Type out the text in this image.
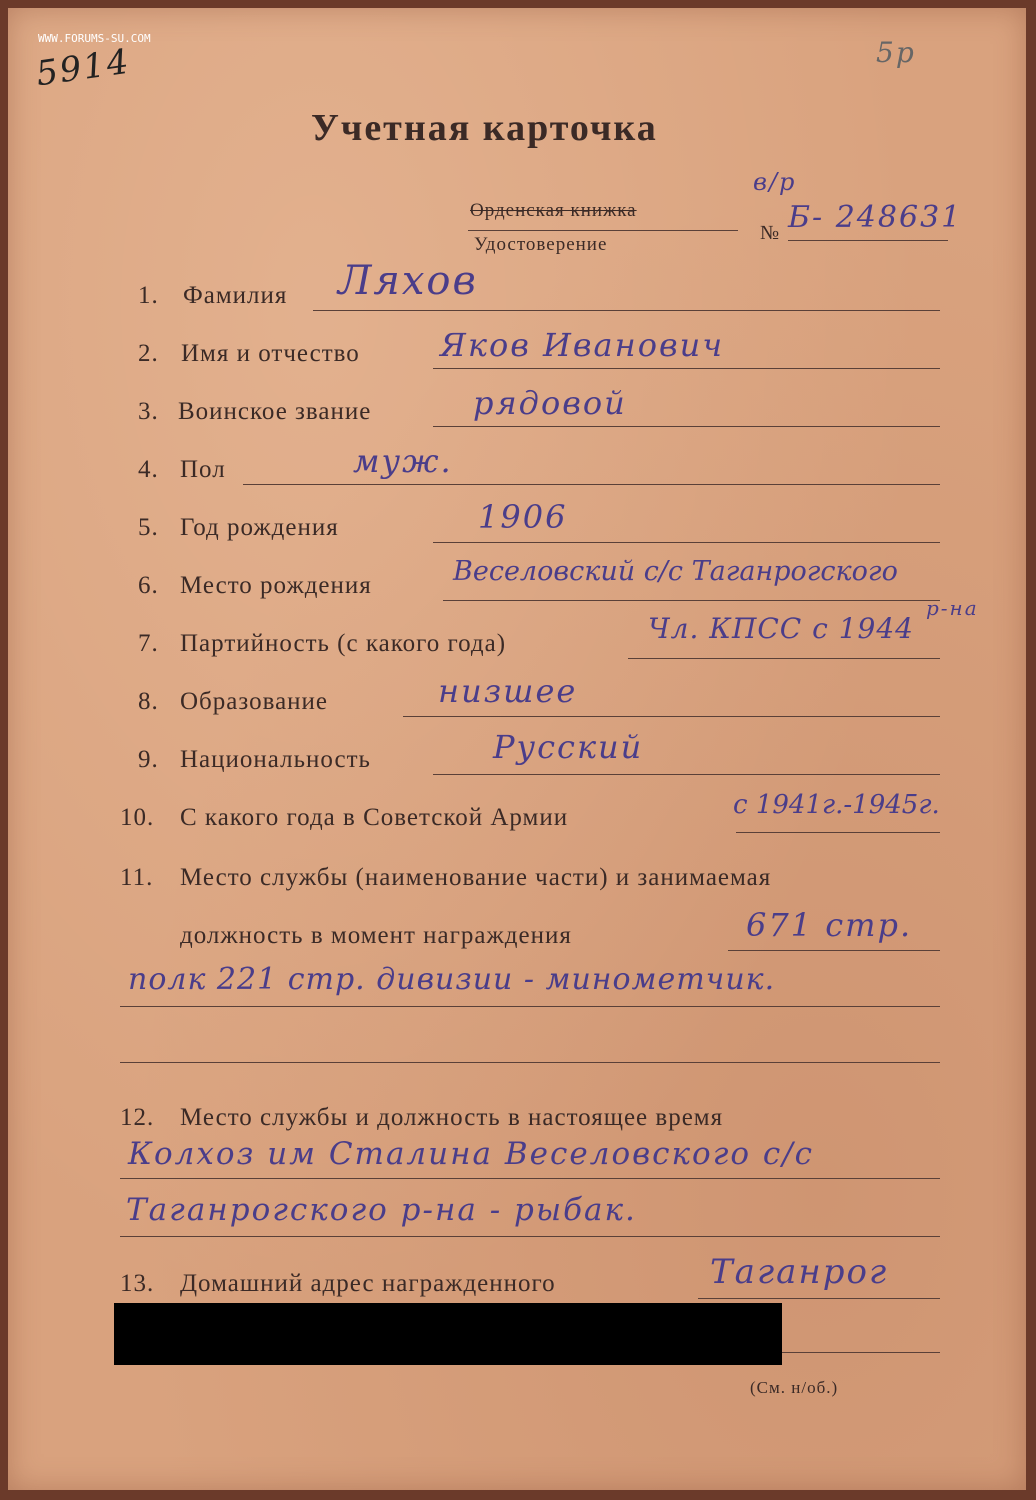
WWW.FORUMS-SU.COM
5914	5р
Учетная карточка
Орденская книжка
Удостоверение
№
в/р
Б- 248631
1. Фамилия Ляхов
2. Имя и отчество	Яков Иванович
3. Воинское звание	рядовой
4. Пол	муж.
5. Год рождения	1906
6. Место рождения	Веселовский с/с Таганрогского
р-на
7. Партийность (с какого года)	Чл. КПСС с 1944
8. Образование	низшее
9. Национальность	Русский
10. С какого года в Советской Армии	с 1941г.-1945г.
11. Место службы (наименование части) и занимаемая
должность в момент награждения	671 стр.
полк 221 стр. дивизии - минометчик.
12. Место службы и должность в настоящее время
Колхоз им Сталина Веселовского с/с
Таганрогского р-на - рыбак.
13. Домашний адрес награжденного	Таганрог
(См. н/об.)
